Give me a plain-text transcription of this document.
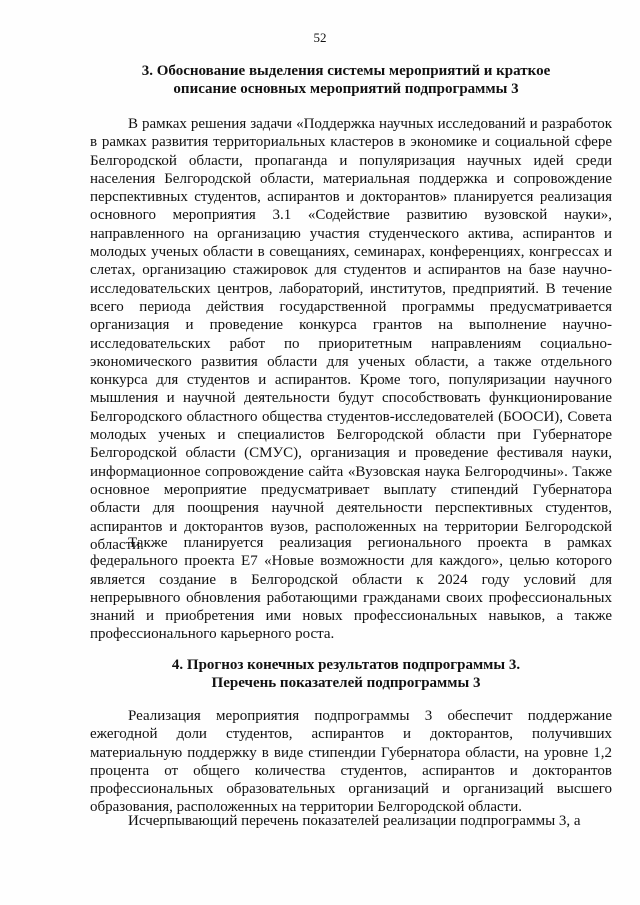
52
3. Обоснование выделения системы мероприятий и краткое
описание основных мероприятий подпрограммы 3

В рамках решения задачи «Поддержка научных исследований и разработок в рамках развития территориальных кластеров в экономике и социальной сфере Белгородской области, пропаганда и популяризация научных идей среди населения Белгородской области, материальная поддержка и сопровождение перспективных студентов, аспирантов и докторантов» планируется реализация основного мероприятия 3.1 «Содействие развитию вузовской науки», направленного на организацию участия студенческого актива, аспирантов и молодых ученых области в совещаниях, семинарах, конференциях, конгрессах и слетах, организацию стажировок для студентов и аспирантов на базе научно-исследовательских центров, лабораторий, институтов, предприятий. В течение всего периода действия государственной программы предусматривается организация и проведение конкурса грантов на выполнение научно-исследовательских работ по приоритетным направлениям социально-экономического развития области для ученых области, а также отдельного конкурса для студентов и аспирантов. Кроме того, популяризации научного мышления и научной деятельности будут способствовать функционирование Белгородского областного общества студентов-исследователей (БООСИ), Совета молодых ученых и специалистов Белгородской области при Губернаторе Белгородской области (СМУС), организация и проведение фестиваля науки, информационное сопровождение сайта «Вузовская наука Белгородчины». Также основное мероприятие предусматривает выплату стипендий Губернатора области для поощрения научной деятельности перспективных студентов, аспирантов и докторантов вузов, расположенных на территории Белгородской области.

Также планируется реализация регионального проекта в рамках федерального проекта Е7 «Новые возможности для каждого», целью которого является создание в Белгородской области к 2024 году условий для непрерывного обновления работающими гражданами своих профессиональных знаний и приобретения ими новых профессиональных навыков, а также профессионального карьерного роста.

4. Прогноз конечных результатов подпрограммы 3.
Перечень показателей подпрограммы 3

Реализация мероприятия подпрограммы 3 обеспечит поддержание ежегодной доли студентов, аспирантов и докторантов, получивших материальную поддержку в виде стипендии Губернатора области, на уровне 1,2 процента от общего количества студентов, аспирантов и докторантов профессиональных образовательных организаций и организаций высшего образования, расположенных на территории Белгородской области.

Исчерпывающий перечень показателей реализации подпрограммы 3, а
